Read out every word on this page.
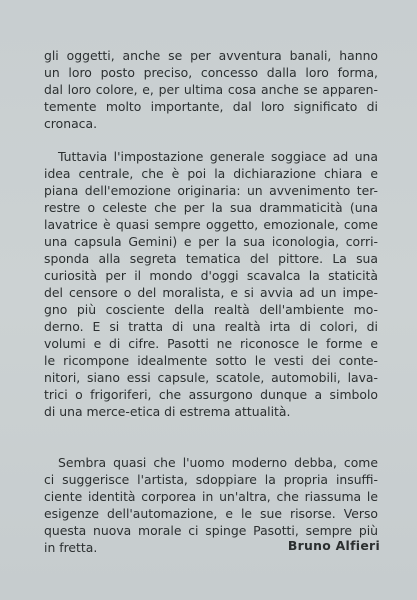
gli oggetti, anche se per avventura banali, hanno
un loro posto preciso, concesso dalla loro forma,
dal loro colore, e, per ultima cosa anche se apparen-
temente molto importante, dal loro significato di
cronaca.
Tuttavia l'impostazione generale soggiace ad una
idea centrale, che è poi la dichiarazione chiara e
piana dell'emozione originaria: un avvenimento ter-
restre o celeste che per la sua drammaticità (una
lavatrice è quasi sempre oggetto, emozionale, come
una capsula Gemini) e per la sua iconologia, corri-
sponda alla segreta tematica del pittore. La sua
curiosità per il mondo d'oggi scavalca la staticità
del censore o del moralista, e si avvia ad un impe-
gno più cosciente della realtà dell'ambiente mo-
derno. E si tratta di una realtà irta di colori, di
volumi e di cifre. Pasotti ne riconosce le forme e
le ricompone idealmente sotto le vesti dei conte-
nitori, siano essi capsule, scatole, automobili, lava-
trici o frigoriferi, che assurgono dunque a simbolo
di una merce-etica di estrema attualità.
Sembra quasi che l'uomo moderno debba, come
ci suggerisce l'artista, sdoppiare la propria insuffi-
ciente identità corporea in un'altra, che riassuma le
esigenze dell'automazione, e le sue risorse. Verso
questa nuova morale ci spinge Pasotti, sempre più
in fretta.	Bruno Alfieri
